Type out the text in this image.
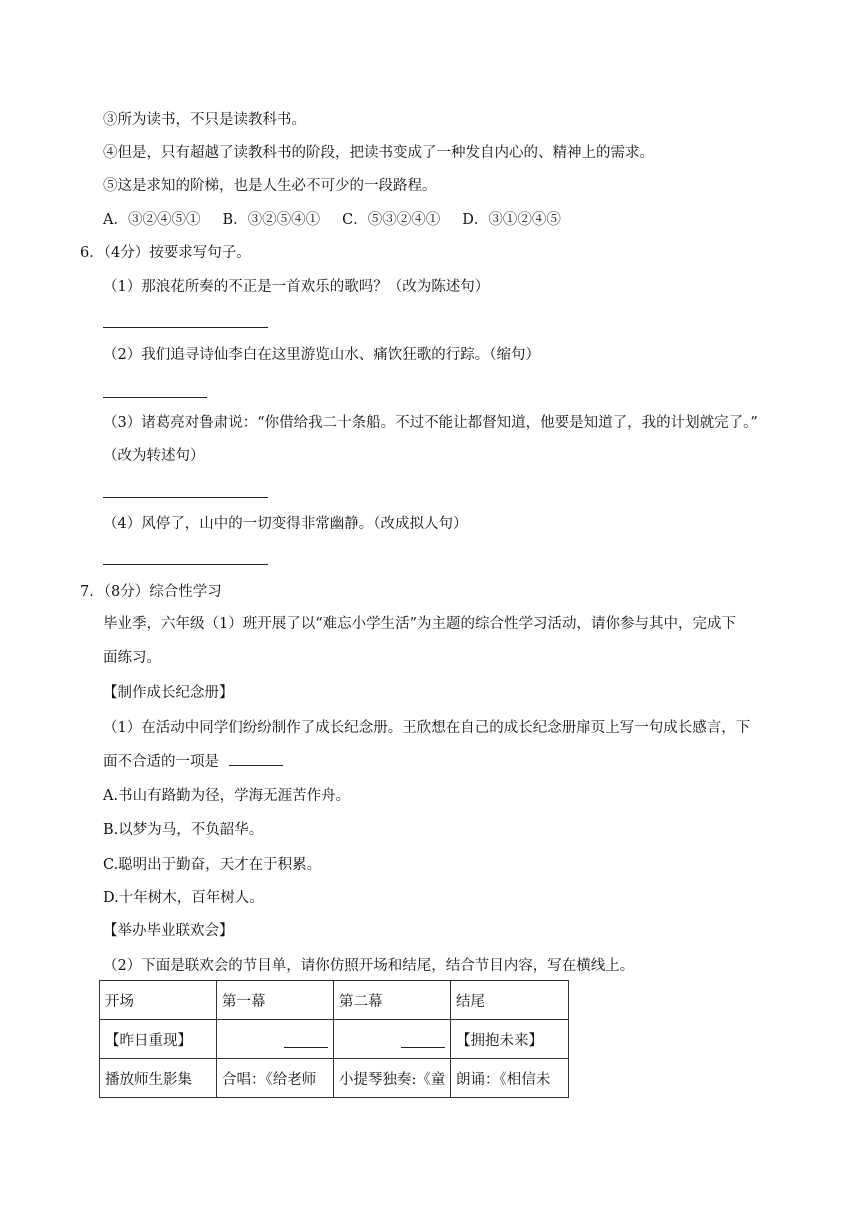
③所为读书，不只是读教科书。
④但是，只有超越了读教科书的阶段，把读书变成了一种发自内心的、精神上的需求。
⑤这是求知的阶梯，也是人生必不可少的一段路程。
A．③②④⑤① B．③②⑤④① C．⑤③②④① D．③①②④⑤
6．（4分）按要求写句子。
（1）那浪花所奏的不正是一首欢乐的歌吗？（改为陈述句）
（2）我们追寻诗仙李白在这里游览山水、痛饮狂歌的行踪。（缩句）
（3）诸葛亮对鲁肃说：“你借给我二十条船。不过不能让都督知道，他要是知道了，我的计划就完了。”
（改为转述句）
（4）风停了，山中的一切变得非常幽静。（改成拟人句）
7．（8分）综合性学习
毕业季，六年级（1）班开展了以“难忘小学生活”为主题的综合性学习活动，请你参与其中，完成下
面练习。
【制作成长纪念册】
（1）在活动中同学们纷纷制作了成长纪念册。王欣想在自己的成长纪念册扉页上写一句成长感言，下
面不合适的一项是
A.书山有路勤为径，学海无涯苦作舟。
B.以梦为马，不负韶华。
C.聪明出于勤奋，天才在于积累。
D.十年树木，百年树人。
【举办毕业联欢会】
（2）下面是联欢会的节目单，请你仿照开场和结尾，结合节目内容，写在横线上。
开场	第一幕	第二幕	结尾
【昨日重现】			【拥抱未来】
播放师生影集	合唱：《给老师	小提琴独奏:《童	朗诵：《相信未
